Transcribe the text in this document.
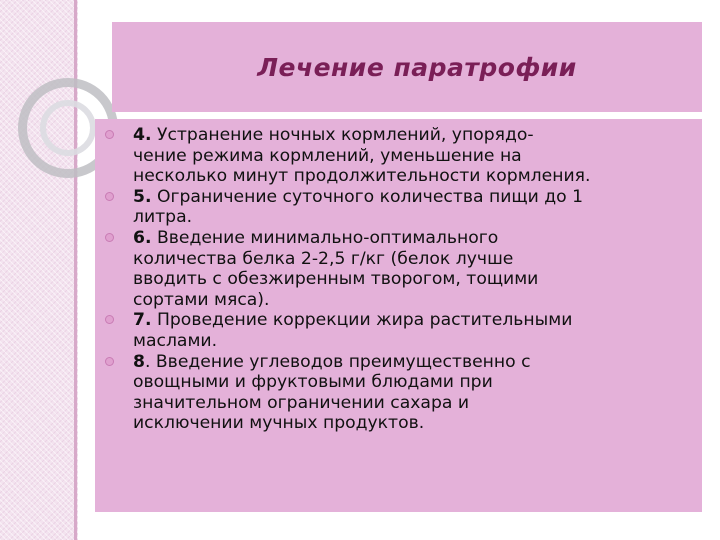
Лечение паратрофии
4. Устранение ночных кормлений, упорядо-
чение режима кормлений, уменьшение на
несколько минут продолжительности кормления.
5. Ограничение суточного количества пищи до 1
литра.
6. Введение минимально-оптимального
количества белка 2-2,5 г/кг (белок лучше
вводить с обезжиренным творогом, тощими
сортами мяса).
7. Проведение коррекции жира растительными
маслами.
8. Введение углеводов преимущественно с
овощными и фруктовыми блюдами при
значительном ограничении сахара и
исключении мучных продуктов.
